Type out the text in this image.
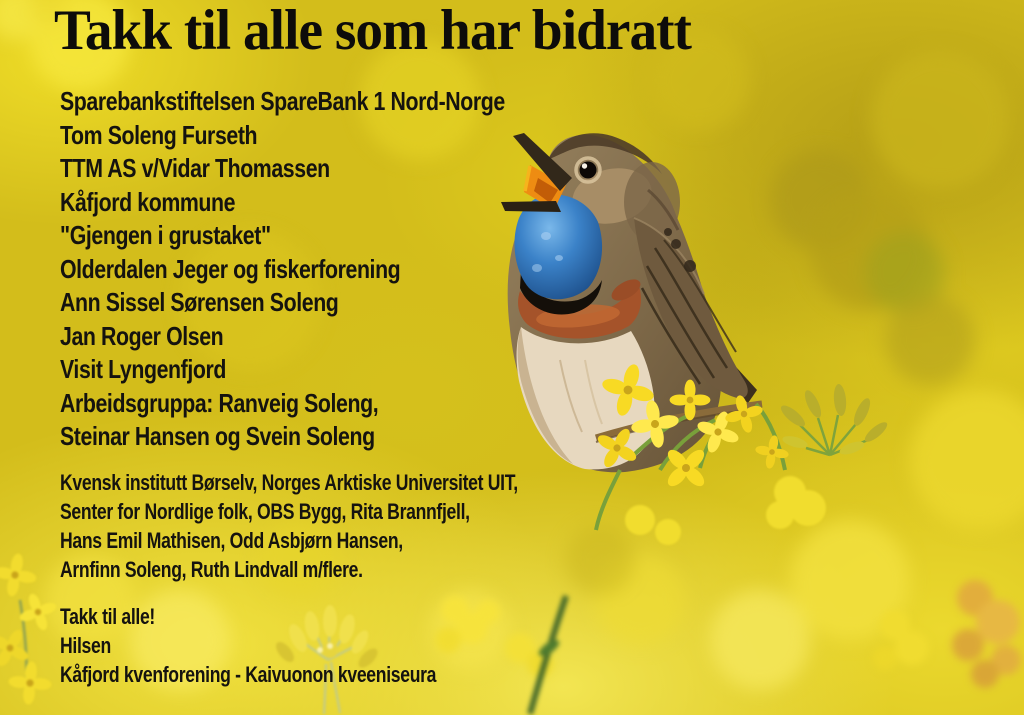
Takk til alle som har bidratt
Sparebankstiftelsen SpareBank 1 Nord-Norge
Tom Soleng Furseth
TTM AS v/Vidar Thomassen
Kåfjord kommune
"Gjengen i grustaket"
Olderdalen Jeger og fiskerforening
Ann Sissel Sørensen Soleng
Jan Roger Olsen
Visit Lyngenfjord
Arbeidsgruppa: Ranveig Soleng,
Steinar Hansen og Svein Soleng
Kvensk institutt Børselv, Norges Arktiske Universitet UIT,
Senter for Nordlige folk, OBS Bygg, Rita Brannfjell,
Hans Emil Mathisen, Odd Asbjørn Hansen,
Arnfinn Soleng, Ruth Lindvall m/flere.
Takk til alle!
Hilsen
Kåfjord kvenforening - Kaivuonon kveeniseura
